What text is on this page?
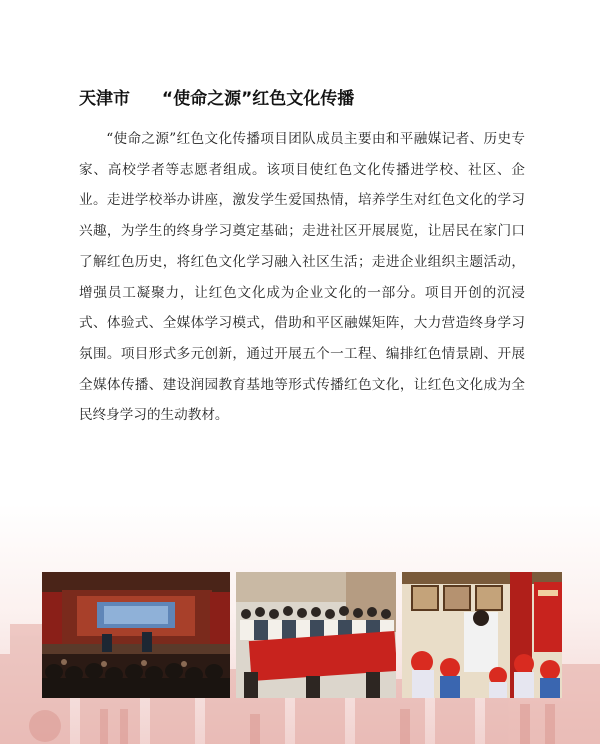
天津市 “使命之源”红色文化传播
“使命之源”红色文化传播项目团队成员主要由和平融媒记者、历史专家、高校学者等志愿者组成。该项目使红色文化传播进学校、社区、企业。走进学校举办讲座，激发学生爱国热情，培养学生对红色文化的学习兴趣，为学生的终身学习奠定基础；走进社区开展展览，让居民在家门口了解红色历史，将红色文化学习融入社区生活；走进企业组织主题活动，增强员工凝聚力，让红色文化成为企业文化的一部分。项目开创的沉浸式、体验式、全媒体学习模式，借助和平区融媒矩阵，大力营造终身学习氛围。项目形式多元创新，通过开展五个一工程、编排红色情景剧、开展全媒体传播、建设润园教育基地等形式传播红色文化，让红色文化成为全民终身学习的生动教材。
